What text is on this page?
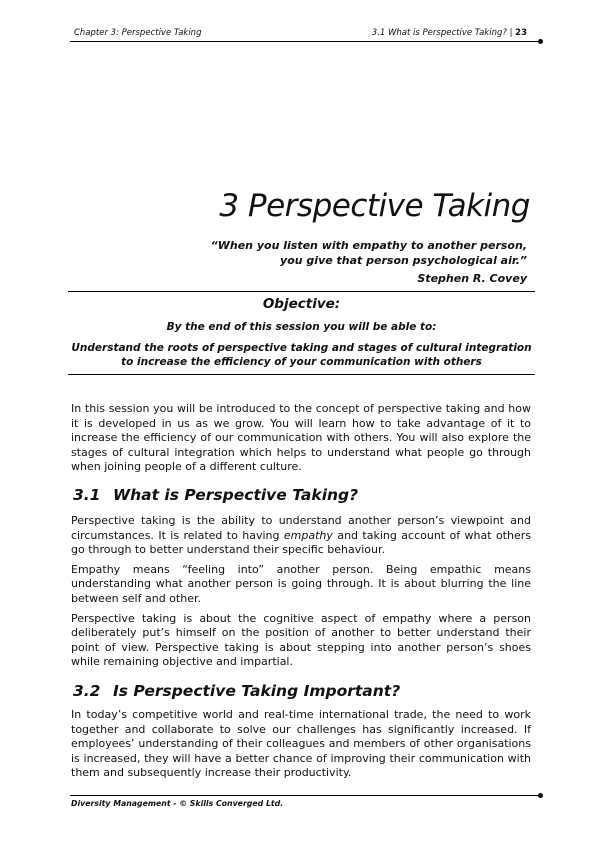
Chapter 3: Perspective Taking	3.1 What is Perspective Taking? | 23
3 Perspective Taking
“When you listen with empathy to another person,
you give that person psychological air.”
Stephen R. Covey
Objective:
By the end of this session you will be able to:
Understand the roots of perspective taking and stages of cultural integration
to increase the efficiency of your communication with others

In this session you will be introduced to the concept of perspective taking and how it is developed in us as we grow. You will learn how to take advantage of it to increase the efficiency of our communication with others. You will also explore the stages of cultural integration which helps to understand what people go through when joining people of a different culture.

3.1 What is Perspective Taking?

Perspective taking is the ability to understand another person’s viewpoint and circumstances. It is related to having empathy and taking account of what others go through to better understand their specific behaviour.

Empathy means “feeling into” another person. Being empathic means understanding what another person is going through. It is about blurring the line between self and other.

Perspective taking is about the cognitive aspect of empathy where a person deliberately put’s himself on the position of another to better understand their point of view. Perspective taking is about stepping into another person’s shoes while remaining objective and impartial.

3.2 Is Perspective Taking Important?

In today’s competitive world and real-time international trade, the need to work together and collaborate to solve our challenges has significantly increased. If employees’ understanding of their colleagues and members of other organisations is increased, they will have a better chance of improving their communication with them and subsequently increase their productivity.

Diversity Management - © Skills Converged Ltd.
